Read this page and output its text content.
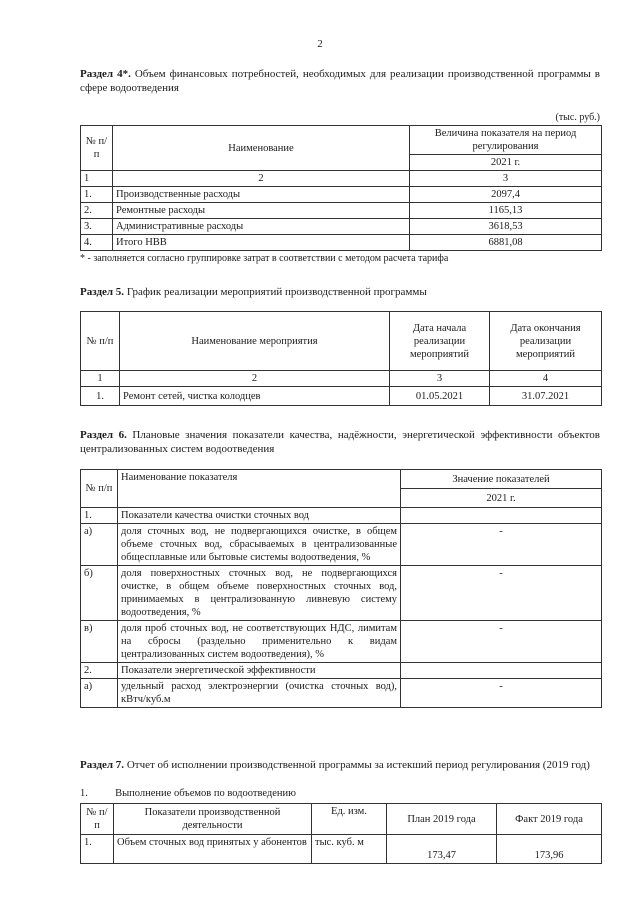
2

Раздел 4*. Объем финансовых потребностей, необходимых для реализации производственной программы в сфере водоотведения

(тыс. руб.)
№ п/п	Наименование	Величина показателя на период регулирования
		2021 г.
1	2	3
1.	Производственные расходы	2097,4
2.	Ремонтные расходы	1165,13
3.	Административные расходы	3618,53
4.	Итого НВВ	6881,08
* - заполняется согласно группировке затрат в соответствии с методом расчета тарифа

Раздел 5. График реализации мероприятий производственной программы

№ п/п	Наименование мероприятия	Дата начала реализации мероприятий	Дата окончания реализации мероприятий
1	2	3	4
1.	Ремонт сетей, чистка колодцев	01.05.2021	31.07.2021

Раздел 6. Плановые значения показатели качества, надёжности, энергетической эффективности объектов централизованных систем водоотведения

№ п/п	Наименование показателя	Значение показателей
		2021 г.
1.	Показатели качества очистки сточных вод	
а)	доля сточных вод, не подвергающихся очистке, в общем объеме сточных вод, сбрасываемых в централизованные общесплавные или бытовые системы водоотведения, %	-
б)	доля поверхностных сточных вод, не подвергающихся очистке, в общем объеме поверхностных сточных вод, принимаемых в централизованную ливневую систему водоотведения, %	-
в)	доля проб сточных вод, не соответствующих НДС, лимитам на сбросы (раздельно применительно к видам централизованных систем водоотведения), %	-
2.	Показатели энергетической эффективности	
а)	удельный расход электроэнергии (очистка сточных вод), кВтч/куб.м	-

Раздел 7. Отчет об исполнении производственной программы за истекший период регулирования (2019 год)

1.	Выполнение объемов по водоотведению
№ п/п	Показатели производственной деятельности	Ед. изм.	План 2019 года	Факт 2019 года
1.	Объем сточных вод принятых у абонентов	тыс. куб. м	173,47	173,96
